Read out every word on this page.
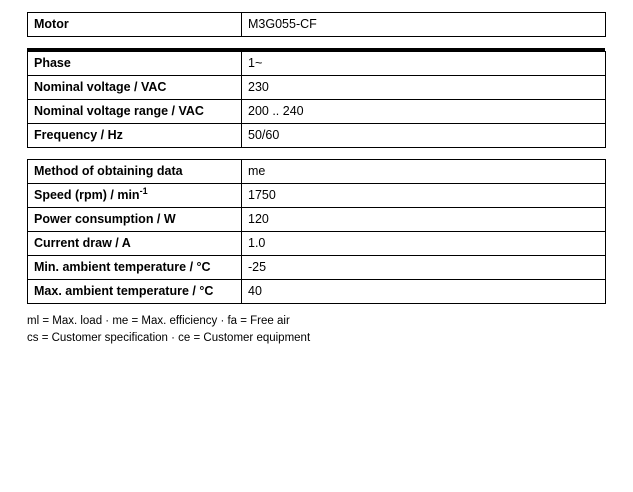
Motor	M3G055-CF
Phase	1~
Nominal voltage / VAC	230
Nominal voltage range / VAC	200 .. 240
Frequency / Hz	50/60
Method of obtaining data	me
Speed $(rpm) / \min^{-1}$	1750
Power consumption / W	120
Current draw / A	1.0
Min. ambient temperature / °C	-25
Max. ambient temperature / °C	40
ml = Max. load · me = Max. efficiency · fa = Free air
cs = Customer specification · ce = Customer equipment
